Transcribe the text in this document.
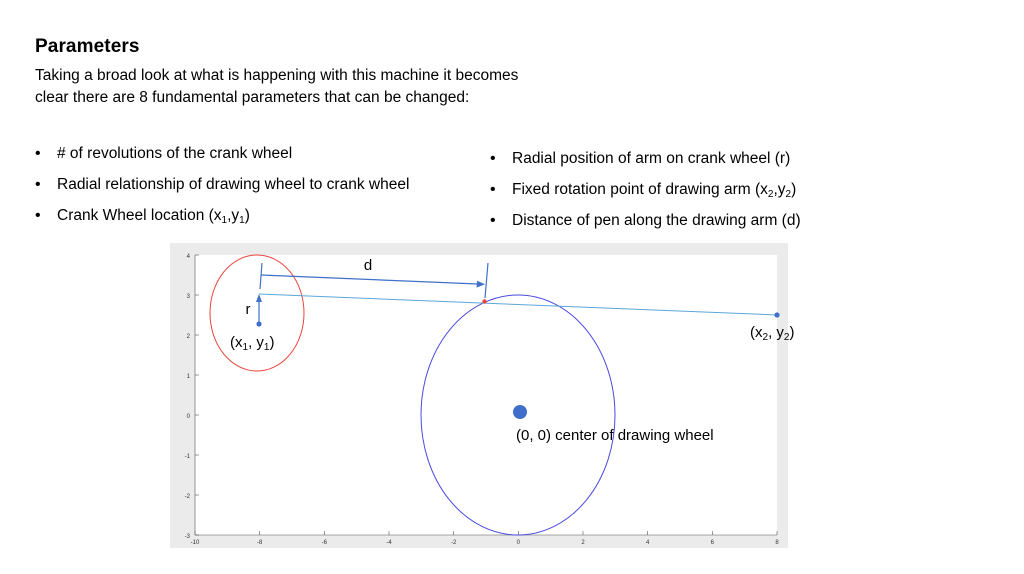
Parameters
Taking a broad look at what is happening with this machine it becomes clear there are 8 fundamental parameters that can be changed:
• # of revolutions of the crank wheel
• Radial relationship of drawing wheel to crank wheel
• Crank Wheel location $(x_1,y_1)$
• Radial position of arm on crank wheel (r)
• Fixed rotation point of drawing arm $(x_2,y_2)$
• Distance of pen along the drawing arm (d)
4
3
2
1
0
-1
-2
-3
-10	-8	-6	-4	-2	0	2	4	6	8
d
r
($x_1$, $y_1$)
($x_2$, $y_2$)
(0, 0) center of drawing wheel
